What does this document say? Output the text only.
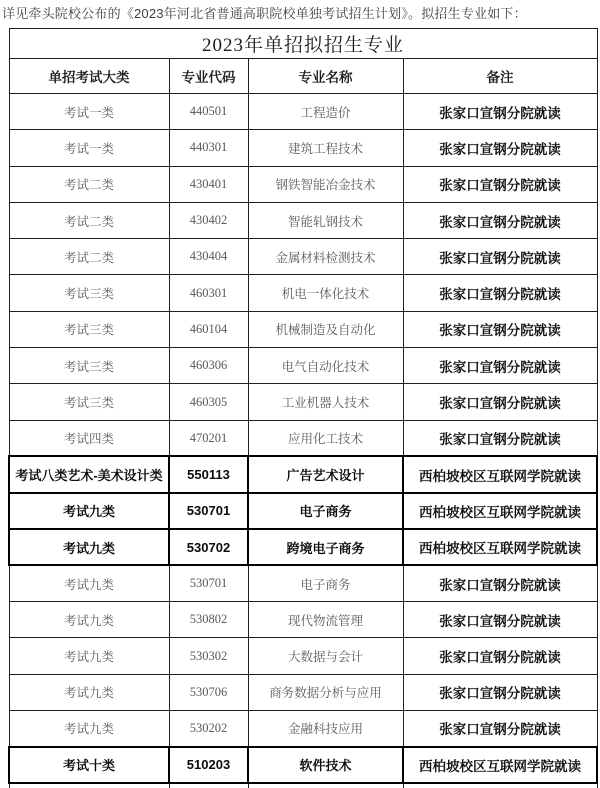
详见牵头院校公布的《2023年河北省普通高职院校单独考试招生计划》。拟招生专业如下：

2023年单招拟招生专业			
单招考试大类	专业代码	专业名称	备注
考试一类	440501	工程造价	张家口宣钢分院就读
考试一类	440301	建筑工程技术	张家口宣钢分院就读
考试二类	430401	钢铁智能冶金技术	张家口宣钢分院就读
考试二类	430402	智能轧钢技术	张家口宣钢分院就读
考试二类	430404	金属材料检测技术	张家口宣钢分院就读
考试三类	460301	机电一体化技术	张家口宣钢分院就读
考试三类	460104	机械制造及自动化	张家口宣钢分院就读
考试三类	460306	电气自动化技术	张家口宣钢分院就读
考试三类	460305	工业机器人技术	张家口宣钢分院就读
考试四类	470201	应用化工技术	张家口宣钢分院就读
考试八类艺术-美术设计类	550113	广告艺术设计	西柏坡校区互联网学院就读
考试九类	530701	电子商务	西柏坡校区互联网学院就读
考试九类	530702	跨境电子商务	西柏坡校区互联网学院就读
考试九类	530701	电子商务	张家口宣钢分院就读
考试九类	530802	现代物流管理	张家口宣钢分院就读
考试九类	530302	大数据与会计	张家口宣钢分院就读
考试九类	530706	商务数据分析与应用	张家口宣钢分院就读
考试九类	530202	金融科技应用	张家口宣钢分院就读
考试十类	510203	软件技术	西柏坡校区互联网学院就读
